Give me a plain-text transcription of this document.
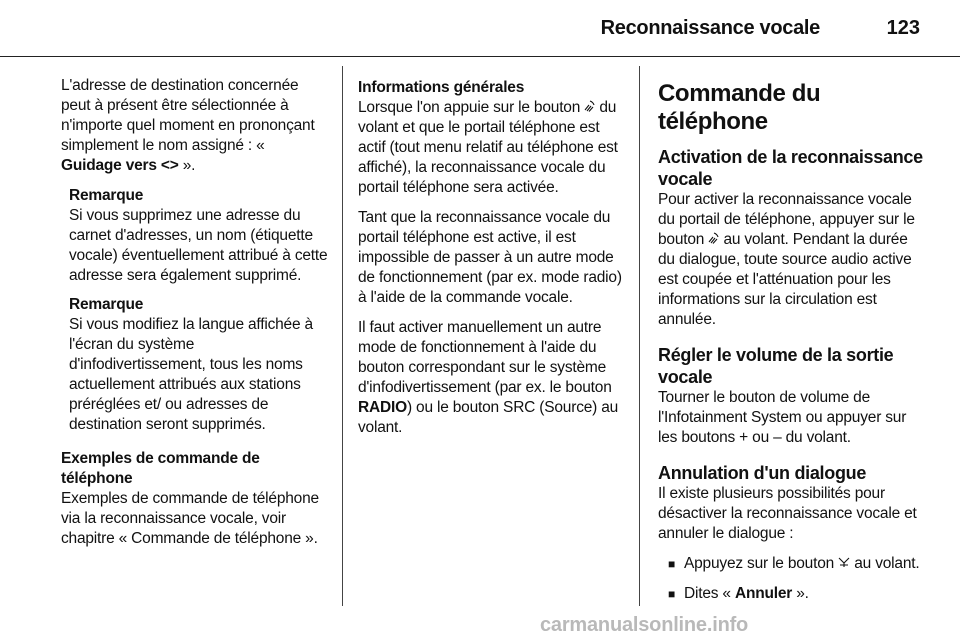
Reconnaissance vocale	123

L'adresse de destination concernée peut à présent être sélectionnée à n'importe quel moment en prononçant simplement le nom assigné : « Guidage vers <> ».

Remarque
Si vous supprimez une adresse du carnet d'adresses, un nom (étiquette vocale) éventuellement attribué à cette adresse sera également supprimé.
Remarque
Si vous modifiez la langue affichée à l'écran du système d'infodivertissement, tous les noms actuellement attribués aux stations préréglées et/ ou adresses de destination seront supprimés.
Exemples de commande de téléphone
Exemples de commande de téléphone via la reconnaissance vocale, voir chapitre « Commande de téléphone ».

Informations générales
Lorsque l'on appuie sur le bouton du volant et que le portail téléphone est actif (tout menu relatif au téléphone est affiché), la reconnaissance vocale du portail téléphone sera activée.

Tant que la reconnaissance vocale du portail téléphone est active, il est impossible de passer à un autre mode de fonctionnement (par ex. mode radio) à l'aide de la commande vocale.

Il faut activer manuellement un autre mode de fonctionnement à l'aide du bouton correspondant sur le système d'infodivertissement (par ex. le bouton RADIO) ou le bouton SRC (Source) au volant.

Commande du téléphone
Activation de la reconnaissance vocale

Pour activer la reconnaissance vocale du portail de téléphone, appuyer sur le bouton au volant. Pendant la durée du dialogue, toute source audio active est coupée et l'atténuation pour les informations sur la circulation est annulée.

Régler le volume de la sortie vocale

Tourner le bouton de volume de l'Infotainment System ou appuyer sur les boutons + ou – du volant.

Annulation d'un dialogue

Il existe plusieurs possibilités pour désactiver la reconnaissance vocale et annuler le dialogue :

■ Appuyez sur le bouton au volant.
■ Dites « Annuler ».
carmanualsonline.info
